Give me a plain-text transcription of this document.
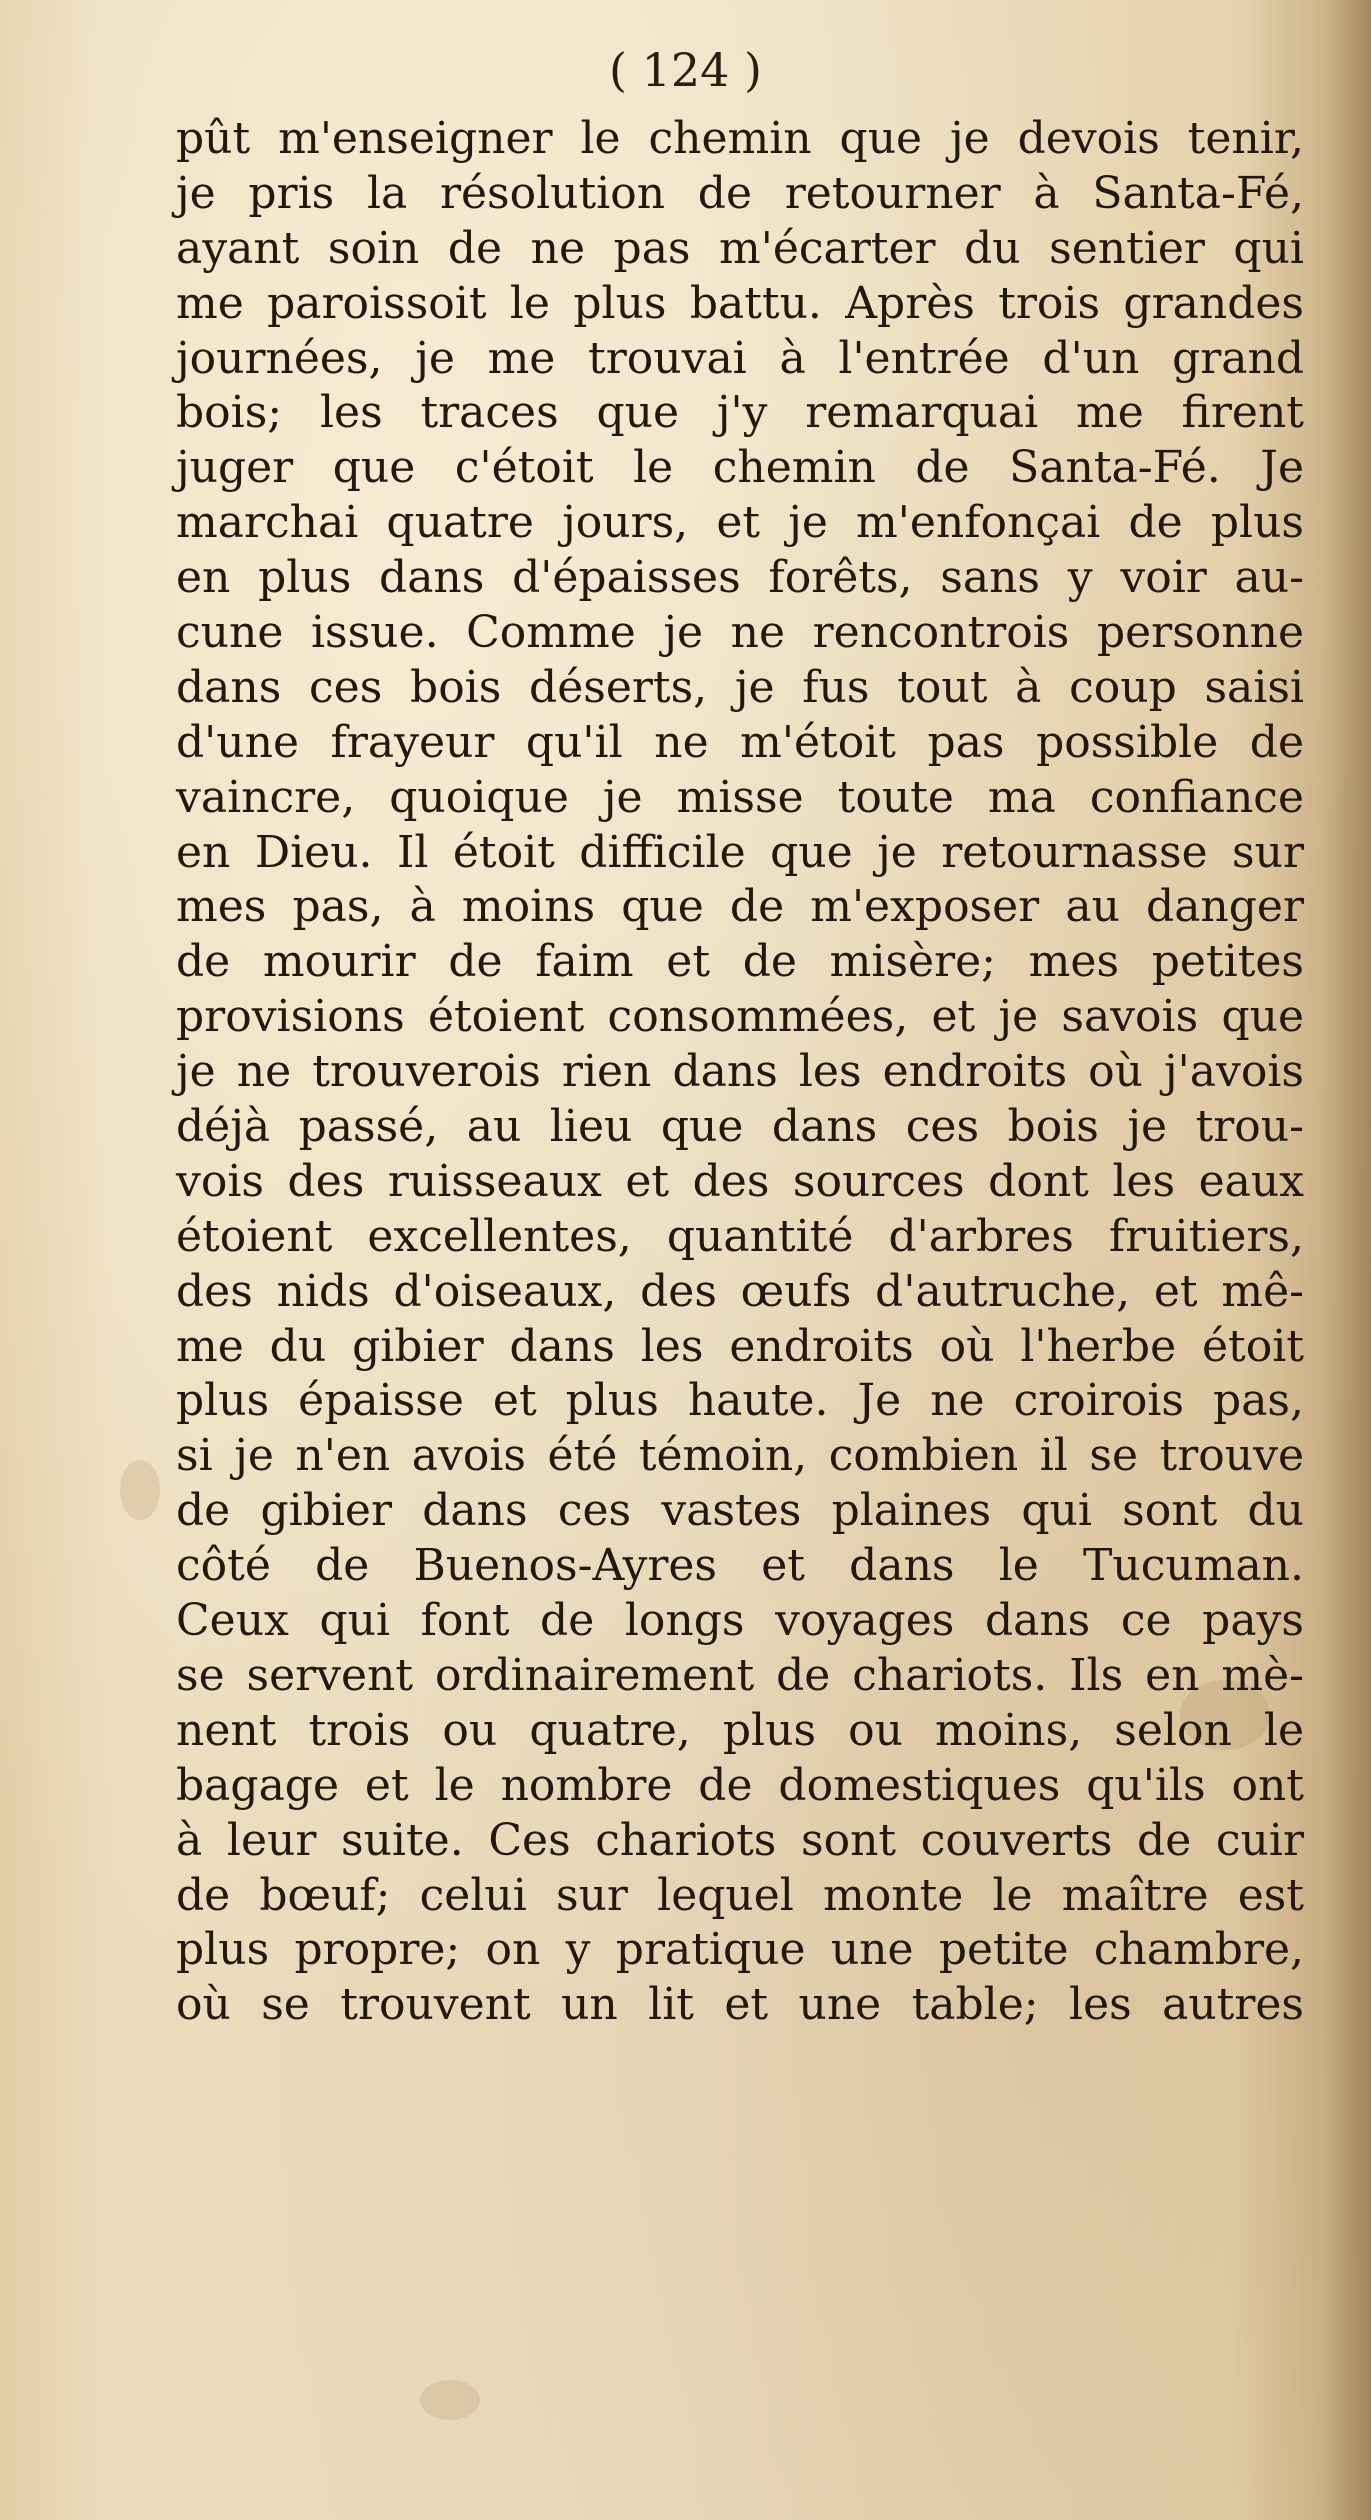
( 124 )
pût m'enseigner le chemin que je devois tenir,
je pris la résolution de retourner à Santa-Fé,
ayant soin de ne pas m'écarter du sentier qui
me paroissoit le plus battu. Après trois grandes
journées, je me trouvai à l'entrée d'un grand
bois; les traces que j'y remarquai me firent
juger que c'étoit le chemin de Santa-Fé. Je
marchai quatre jours, et je m'enfonçai de plus
en plus dans d'épaisses forêts, sans y voir au-
cune issue. Comme je ne rencontrois personne
dans ces bois déserts, je fus tout à coup saisi
d'une frayeur qu'il ne m'étoit pas possible de
vaincre, quoique je misse toute ma confiance
en Dieu. Il étoit difficile que je retournasse sur
mes pas, à moins que de m'exposer au danger
de mourir de faim et de misère; mes petites
provisions étoient consommées, et je savois que
je ne trouverois rien dans les endroits où j'avois
déjà passé, au lieu que dans ces bois je trou-
vois des ruisseaux et des sources dont les eaux
étoient excellentes, quantité d'arbres fruitiers,
des nids d'oiseaux, des œufs d'autruche, et mê-
me du gibier dans les endroits où l'herbe étoit
plus épaisse et plus haute. Je ne croirois pas,
si je n'en avois été témoin, combien il se trouve
de gibier dans ces vastes plaines qui sont du
côté de Buenos-Ayres et dans le Tucuman.
Ceux qui font de longs voyages dans ce pays
se servent ordinairement de chariots. Ils en mè-
nent trois ou quatre, plus ou moins, selon le
bagage et le nombre de domestiques qu'ils ont
à leur suite. Ces chariots sont couverts de cuir
de bœuf; celui sur lequel monte le maître est
plus propre; on y pratique une petite chambre,
où se trouvent un lit et une table; les autres
